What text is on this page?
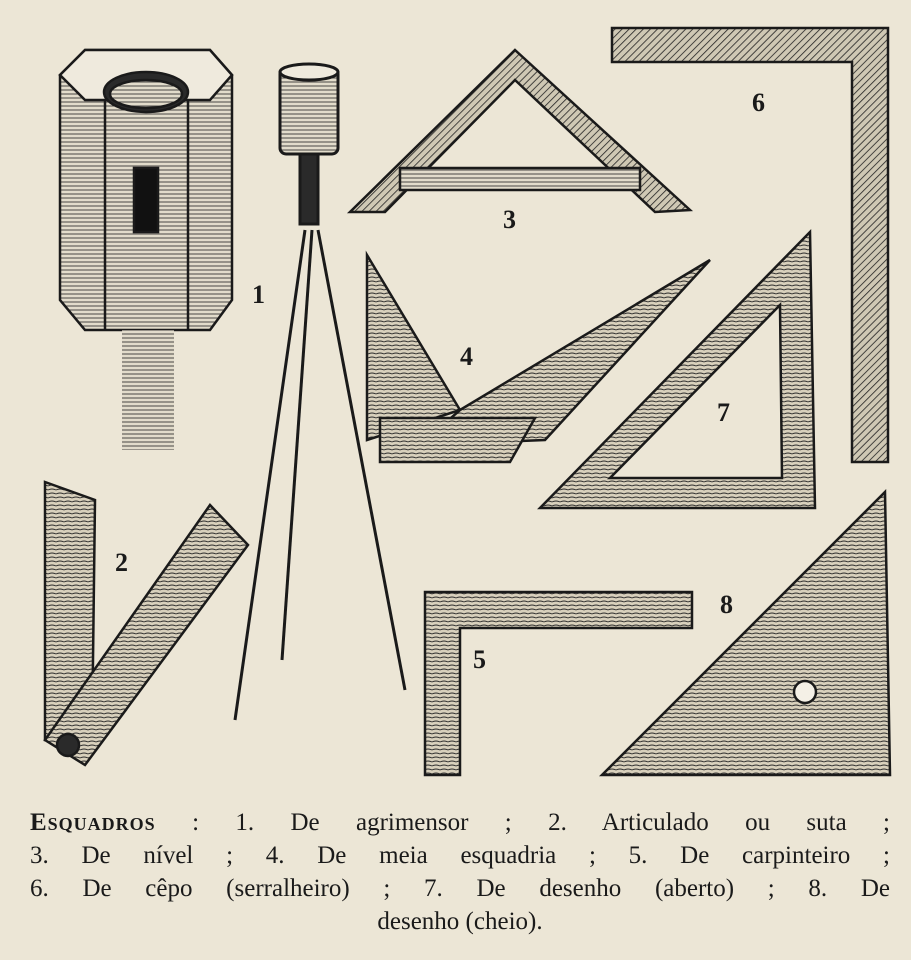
1
2
3
4
5
6
7
8
Esquadros : 1. De agrimensor ; 2. Articulado ou suta ;
3. De nível ; 4. De meia esquadria ; 5. De carpinteiro ;
6. De cêpo (serralheiro) ; 7. De desenho (aberto) ; 8. De
desenho (cheio).
